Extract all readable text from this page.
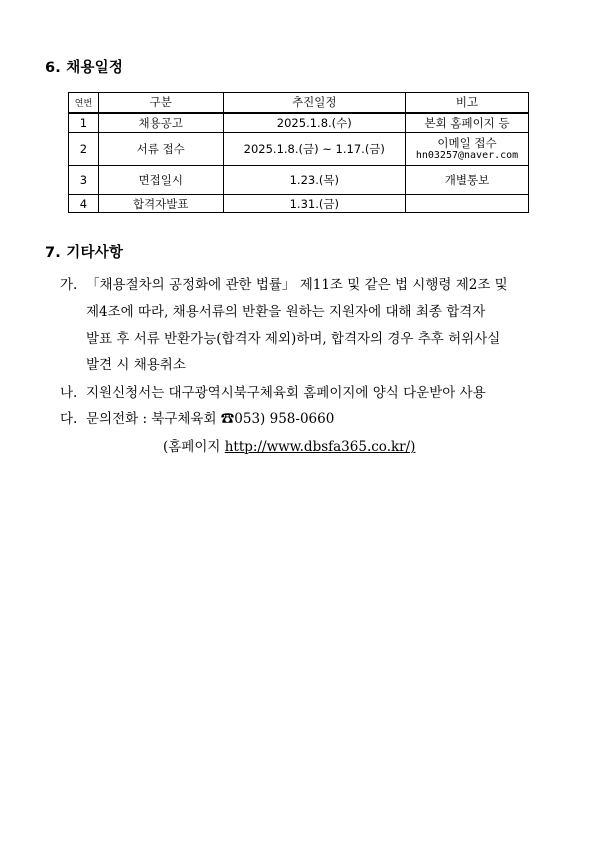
6. 채용일정
연번	구분	추진일정	비고
1	채용공고	2025.1.8.(수)	본회 홈페이지 등
2	서류 접수	2025.1.8.(금) ~ 1.17.(금)	이메일 접수
hn03257@naver.com

3	면접일시	1.23.(목)	개별통보
4	합격자발표	1.31.(금)	
7. 기타사항
가. 「채용절차의 공정화에 관한 법률」 제11조 및 같은 법 시행령 제2조 및
제4조에 따라, 채용서류의 반환을 원하는 지원자에 대해 최종 합격자
발표 후 서류 반환가능(합격자 제외)하며, 합격자의 경우 추후 허위사실
발견 시 채용취소
나. 지원신청서는 대구광역시북구체육회 홈페이지에 양식 다운받아 사용
다. 문의전화 : 북구체육회 ☎053) 958-0660
(홈페이지 http://www.dbsfa365.co.kr/)
